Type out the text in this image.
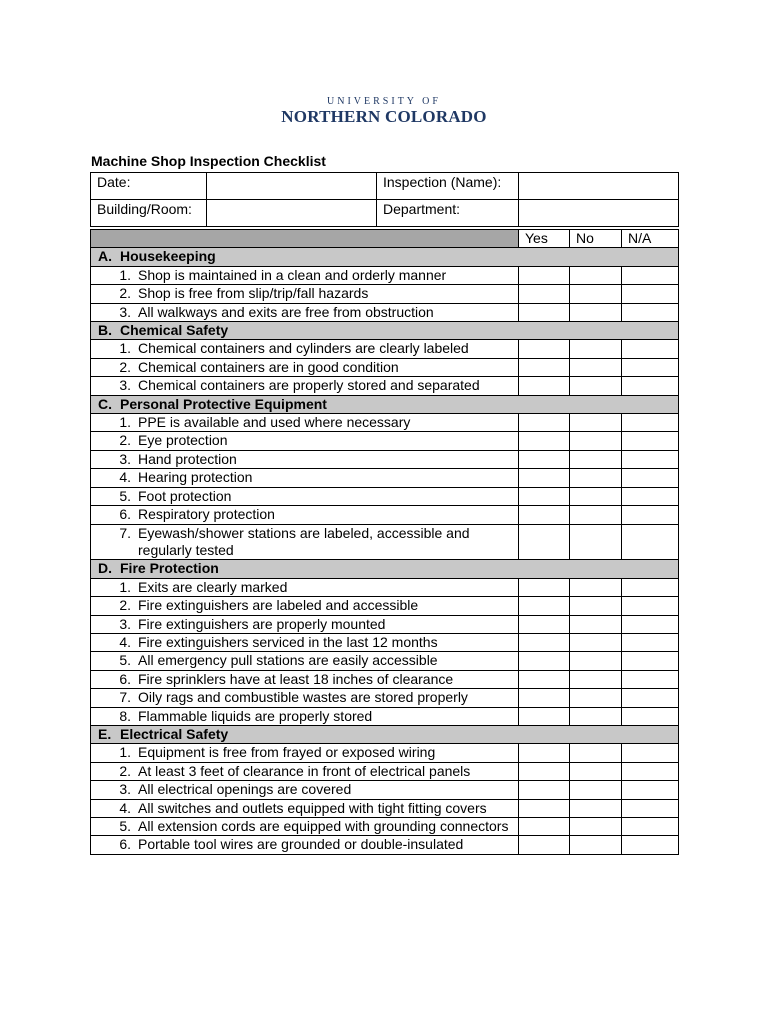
UNIVERSITY OF
NORTHERN COLORADO
Machine Shop Inspection Checklist
Date:		Inspection (Name):	
Building/Room:		Department:	
	Yes	No	N/A

A. Housekeeping			

1. Shop is maintained in a clean and orderly manner			

2. Shop is free from slip/trip/fall hazards			

3. All walkways and exits are free from obstruction			

B. Chemical Safety			

1. Chemical containers and cylinders are clearly labeled			

2. Chemical containers are in good condition			

3. Chemical containers are properly stored and separated			

C. Personal Protective Equipment			

1. PPE is available and used where necessary			

2. Eye protection			

3. Hand protection			

4. Hearing protection			

5. Foot protection			

6. Respiratory protection			

7. Eyewash/shower stations are labeled, accessible and regularly tested			

D. Fire Protection			

1. Exits are clearly marked			

2. Fire extinguishers are labeled and accessible			

3. Fire extinguishers are properly mounted			

4. Fire extinguishers serviced in the last 12 months			

5. All emergency pull stations are easily accessible			

6. Fire sprinklers have at least 18 inches of clearance			

7. Oily rags and combustible wastes are stored properly			

8. Flammable liquids are properly stored			

E. Electrical Safety			

1. Equipment is free from frayed or exposed wiring			

2. At least 3 feet of clearance in front of electrical panels			

3. All electrical openings are covered			

4. All switches and outlets equipped with tight fitting covers			

5. All extension cords are equipped with grounding connectors			

6. Portable tool wires are grounded or double-insulated			
